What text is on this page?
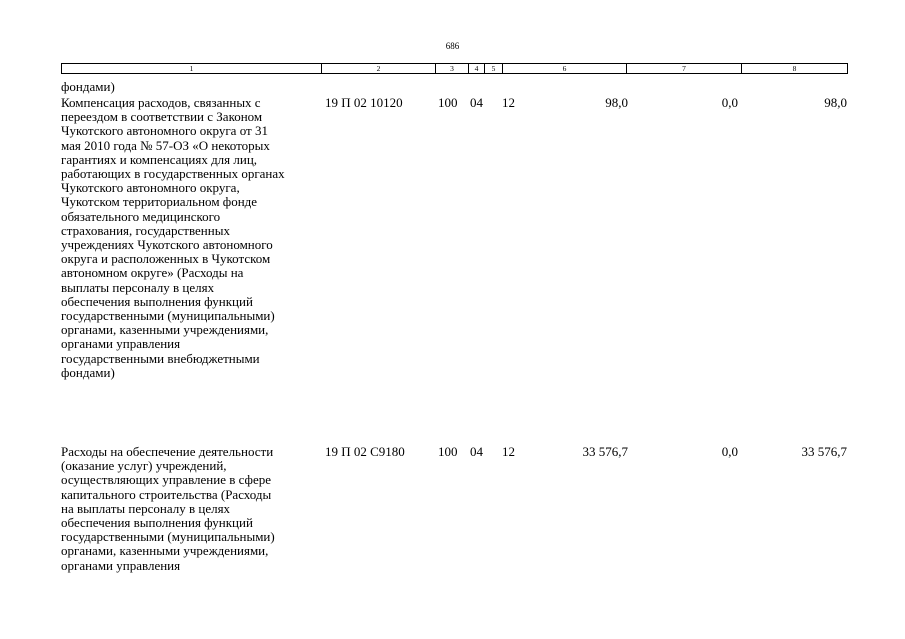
686
1	2	3	4	5	6	7	8
фондами)
Компенсация расходов, связанных с
переездом в соответствии с Законом
Чукотского автономного округа от 31
мая 2010 года № 57-ОЗ «О некоторых
гарантиях и компенсациях для лиц,
работающих в государственных органах
Чукотского автономного округа,
Чукотском территориальном фонде
обязательного медицинского
страхования, государственных
учреждениях Чукотского автономного
округа и расположенных в Чукотском
автономном округе» (Расходы на
выплаты персоналу в целях
обеспечения выполнения функций
государственными (муниципальными)
органами, казенными учреждениями,
органами управления
государственными внебюджетными
фондами)
19 П 02 10120	100 04 12	98,0	0,0	98,0
Расходы на обеспечение деятельности
(оказание услуг) учреждений,
осуществляющих управление в сфере
капитального строительства (Расходы
на выплаты персоналу в целях
обеспечения выполнения функций
государственными (муниципальными)
органами, казенными учреждениями,
органами управления
19 П 02 С9180	100 04 12	33 576,7	0,0	33 576,7
